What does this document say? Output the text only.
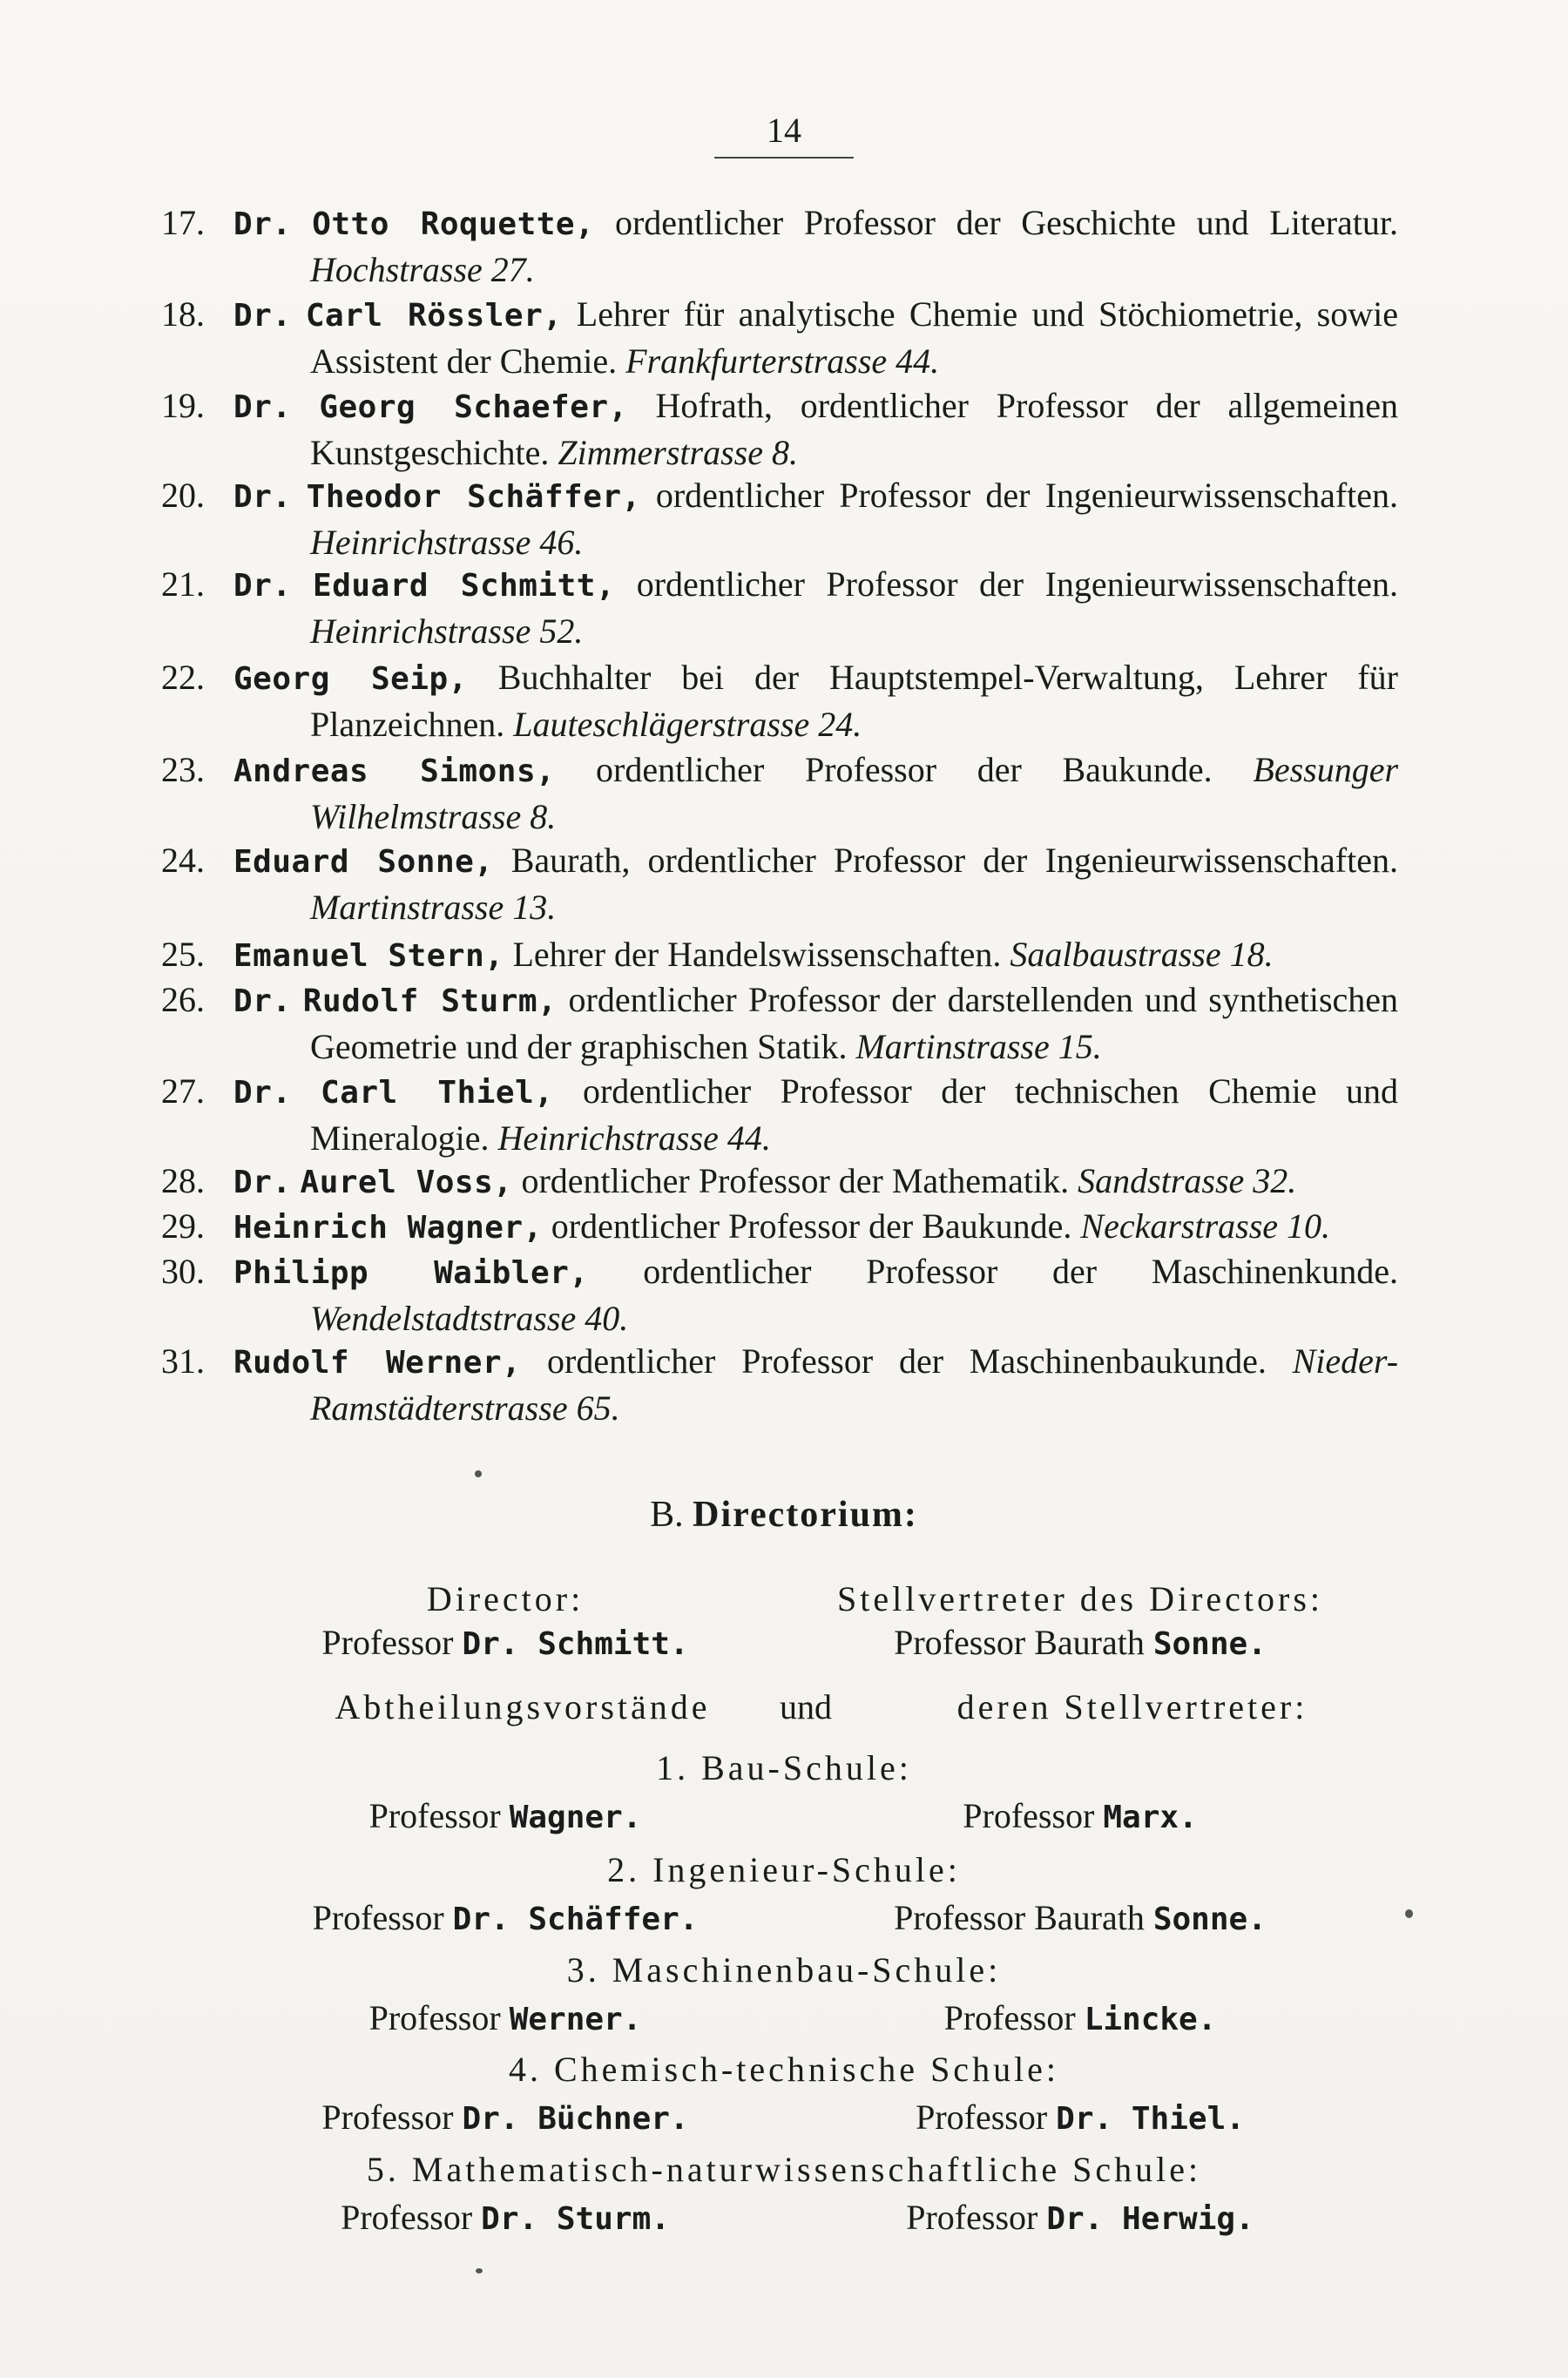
14
17. Dr. Otto Roquette, ordentlicher Professor der Geschichte und Literatur. Hochstrasse 27.
18. Dr. Carl Rössler, Lehrer für analytische Chemie und Stöchiometrie, sowie Assistent der Chemie. Frankfurterstrasse 44.
19. Dr. Georg Schaefer, Hofrath, ordentlicher Professor der allgemeinen Kunstgeschichte. Zimmerstrasse 8.
20. Dr. Theodor Schäffer, ordentlicher Professor der Ingenieurwissenschaften. Heinrichstrasse 46.
21. Dr. Eduard Schmitt, ordentlicher Professor der Ingenieurwissenschaften. Heinrichstrasse 52.
22. Georg Seip, Buchhalter bei der Hauptstempel-Verwaltung, Lehrer für Planzeichnen. Lauteschlägerstrasse 24.
23. Andreas Simons, ordentlicher Professor der Baukunde. Bessunger Wilhelmstrasse 8.
24. Eduard Sonne, Baurath, ordentlicher Professor der Ingenieurwissenschaften. Martinstrasse 13.
25. Emanuel Stern, Lehrer der Handelswissenschaften. Saalbaustrasse 18.
26. Dr. Rudolf Sturm, ordentlicher Professor der darstellenden und synthetischen Geometrie und der graphischen Statik. Martinstrasse 15.
27. Dr. Carl Thiel, ordentlicher Professor der technischen Chemie und Mineralogie. Heinrichstrasse 44.
28. Dr. Aurel Voss, ordentlicher Professor der Mathematik. Sandstrasse 32.
29. Heinrich Wagner, ordentlicher Professor der Baukunde. Neckarstrasse 10.
30. Philipp Waibler, ordentlicher Professor der Maschinenkunde. Wendelstadtstrasse 40.
31. Rudolf Werner, ordentlicher Professor der Maschinenbaukunde. Nieder-Ramstädterstrasse 65.
B. Directorium:
Director:	Stellvertreter des Directors:
Professor Dr. Schmitt.	Professor Baurath Sonne.
Abtheilungsvorstände	und	deren Stellvertreter:
1. Bau-Schule:
Professor Wagner.	Professor Marx.
2. Ingenieur-Schule:
Professor Dr. Schäffer.	Professor Baurath Sonne.
3. Maschinenbau-Schule:
Professor Werner.	Professor Lincke.
4. Chemisch-technische Schule:
Professor Dr. Büchner.	Professor Dr. Thiel.
5. Mathematisch-naturwissenschaftliche Schule:
Professor Dr. Sturm.	Professor Dr. Herwig.
